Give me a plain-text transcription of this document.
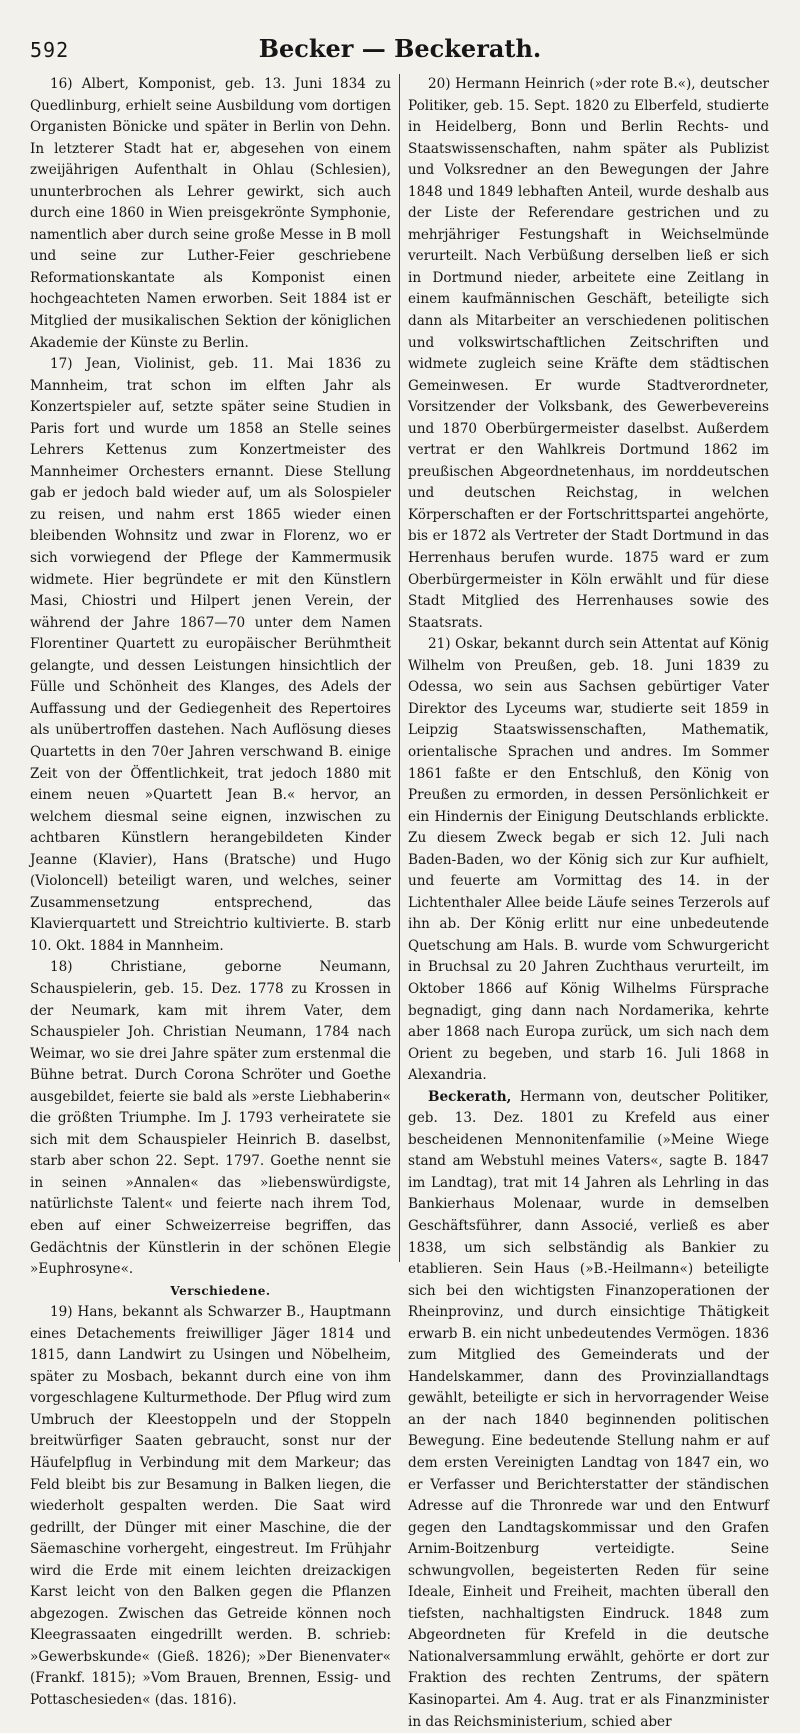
592	Becker — Beckerath.

16) Albert, Komponist, geb. 13. Juni 1834 zu Quedlinburg, erhielt seine Ausbildung vom dortigen Organisten Bönicke und später in Berlin von Dehn. In letzterer Stadt hat er, abgesehen von einem zweijährigen Aufenthalt in Ohlau (Schlesien), ununterbrochen als Lehrer gewirkt, sich auch durch eine 1860 in Wien preisgekrönte Symphonie, namentlich aber durch seine große Messe in B moll und seine zur Luther-Feier geschriebene Reformationskantate als Komponist einen hochgeachteten Namen erworben. Seit 1884 ist er Mitglied der musikalischen Sektion der königlichen Akademie der Künste zu Berlin.

17) Jean, Violinist, geb. 11. Mai 1836 zu Mannheim, trat schon im elften Jahr als Konzertspieler auf, setzte später seine Studien in Paris fort und wurde um 1858 an Stelle seines Lehrers Kettenus zum Konzertmeister des Mannheimer Orchesters ernannt. Diese Stellung gab er jedoch bald wieder auf, um als Solospieler zu reisen, und nahm erst 1865 wieder einen bleibenden Wohnsitz und zwar in Florenz, wo er sich vorwiegend der Pflege der Kammermusik widmete. Hier begründete er mit den Künstlern Masi, Chiostri und Hilpert jenen Verein, der während der Jahre 1867—70 unter dem Namen Florentiner Quartett zu europäischer Berühmtheit gelangte, und dessen Leistungen hinsichtlich der Fülle und Schönheit des Klanges, des Adels der Auffassung und der Gediegenheit des Repertoires als unübertroffen dastehen. Nach Auflösung dieses Quartetts in den 70er Jahren verschwand B. einige Zeit von der Öffentlichkeit, trat jedoch 1880 mit einem neuen »Quartett Jean B.« hervor, an welchem diesmal seine eignen, inzwischen zu achtbaren Künstlern herangebildeten Kinder Jeanne (Klavier), Hans (Bratsche) und Hugo (Violoncell) beteiligt waren, und welches, seiner Zusammensetzung entsprechend, das Klavierquartett und Streichtrio kultivierte. B. starb 10. Okt. 1884 in Mannheim.

18) Christiane, geborne Neumann, Schauspielerin, geb. 15. Dez. 1778 zu Krossen in der Neumark, kam mit ihrem Vater, dem Schauspieler Joh. Christian Neumann, 1784 nach Weimar, wo sie drei Jahre später zum erstenmal die Bühne betrat. Durch Corona Schröter und Goethe ausgebildet, feierte sie bald als »erste Liebhaberin« die größten Triumphe. Im J. 1793 verheiratete sie sich mit dem Schauspieler Heinrich B. daselbst, starb aber schon 22. Sept. 1797. Goethe nennt sie in seinen »Annalen« das »liebenswürdigste, natürlichste Talent« und feierte nach ihrem Tod, eben auf einer Schweizerreise begriffen, das Gedächtnis der Künstlerin in der schönen Elegie »Euphrosyne«.

Verschiedene.

19) Hans, bekannt als Schwarzer B., Hauptmann eines Detachements freiwilliger Jäger 1814 und 1815, dann Landwirt zu Usingen und Nöbelheim, später zu Mosbach, bekannt durch eine von ihm vorgeschlagene Kulturmethode. Der Pflug wird zum Umbruch der Kleestoppeln und der Stoppeln breitwürfiger Saaten gebraucht, sonst nur der Häufelpflug in Verbindung mit dem Markeur; das Feld bleibt bis zur Besamung in Balken liegen, die wiederholt gespalten werden. Die Saat wird gedrillt, der Dünger mit einer Maschine, die der Säemaschine vorhergeht, eingestreut. Im Frühjahr wird die Erde mit einem leichten dreizackigen Karst leicht von den Balken gegen die Pflanzen abgezogen. Zwischen das Getreide können noch Kleegrassaaten eingedrillt werden. B. schrieb: »Gewerbskunde« (Gieß. 1826); »Der Bienenvater« (Frankf. 1815); »Vom Brauen, Brennen, Essig- und Pottaschesieden« (das. 1816).

20) Hermann Heinrich (»der rote B.«), deutscher Politiker, geb. 15. Sept. 1820 zu Elberfeld, studierte in Heidelberg, Bonn und Berlin Rechts- und Staatswissenschaften, nahm später als Publizist und Volksredner an den Bewegungen der Jahre 1848 und 1849 lebhaften Anteil, wurde deshalb aus der Liste der Referendare gestrichen und zu mehrjähriger Festungshaft in Weichselmünde verurteilt. Nach Verbüßung derselben ließ er sich in Dortmund nieder, arbeitete eine Zeitlang in einem kaufmännischen Geschäft, beteiligte sich dann als Mitarbeiter an verschiedenen politischen und volkswirtschaftlichen Zeitschriften und widmete zugleich seine Kräfte dem städtischen Gemeinwesen. Er wurde Stadtverordneter, Vorsitzender der Volksbank, des Gewerbevereins und 1870 Oberbürgermeister daselbst. Außerdem vertrat er den Wahlkreis Dortmund 1862 im preußischen Abgeordnetenhaus, im norddeutschen und deutschen Reichstag, in welchen Körperschaften er der Fortschrittspartei angehörte, bis er 1872 als Vertreter der Stadt Dortmund in das Herrenhaus berufen wurde. 1875 ward er zum Oberbürgermeister in Köln erwählt und für diese Stadt Mitglied des Herrenhauses sowie des Staatsrats.

21) Oskar, bekannt durch sein Attentat auf König Wilhelm von Preußen, geb. 18. Juni 1839 zu Odessa, wo sein aus Sachsen gebürtiger Vater Direktor des Lyceums war, studierte seit 1859 in Leipzig Staatswissenschaften, Mathematik, orientalische Sprachen und andres. Im Sommer 1861 faßte er den Entschluß, den König von Preußen zu ermorden, in dessen Persönlichkeit er ein Hindernis der Einigung Deutschlands erblickte. Zu diesem Zweck begab er sich 12. Juli nach Baden-Baden, wo der König sich zur Kur aufhielt, und feuerte am Vormittag des 14. in der Lichtenthaler Allee beide Läufe seines Terzerols auf ihn ab. Der König erlitt nur eine unbedeutende Quetschung am Hals. B. wurde vom Schwurgericht in Bruchsal zu 20 Jahren Zuchthaus verurteilt, im Oktober 1866 auf König Wilhelms Fürsprache begnadigt, ging dann nach Nordamerika, kehrte aber 1868 nach Europa zurück, um sich nach dem Orient zu begeben, und starb 16. Juli 1868 in Alexandria.

Beckerath, Hermann von, deutscher Politiker, geb. 13. Dez. 1801 zu Krefeld aus einer bescheidenen Mennonitenfamilie (»Meine Wiege stand am Webstuhl meines Vaters«, sagte B. 1847 im Landtag), trat mit 14 Jahren als Lehrling in das Bankierhaus Molenaar, wurde in demselben Geschäftsführer, dann Associé, verließ es aber 1838, um sich selbständig als Bankier zu etablieren. Sein Haus (»B.-Heilmann«) beteiligte sich bei den wichtigsten Finanzoperationen der Rheinprovinz, und durch einsichtige Thätigkeit erwarb B. ein nicht unbedeutendes Vermögen. 1836 zum Mitglied des Gemeinderats und der Handelskammer, dann des Provinziallandtags gewählt, beteiligte er sich in hervorragender Weise an der nach 1840 beginnenden politischen Bewegung. Eine bedeutende Stellung nahm er auf dem ersten Vereinigten Landtag von 1847 ein, wo er Verfasser und Berichterstatter der ständischen Adresse auf die Thronrede war und den Entwurf gegen den Landtagskommissar und den Grafen Arnim-Boitzenburg verteidigte. Seine schwungvollen, begeisterten Reden für seine Ideale, Einheit und Freiheit, machten überall den tiefsten, nachhaltigsten Eindruck. 1848 zum Abgeordneten für Krefeld in die deutsche Nationalversammlung erwählt, gehörte er dort zur Fraktion des rechten Zentrums, der spätern Kasinopartei. Am 4. Aug. trat er als Finanzminister in das Reichsministerium, schied aber
